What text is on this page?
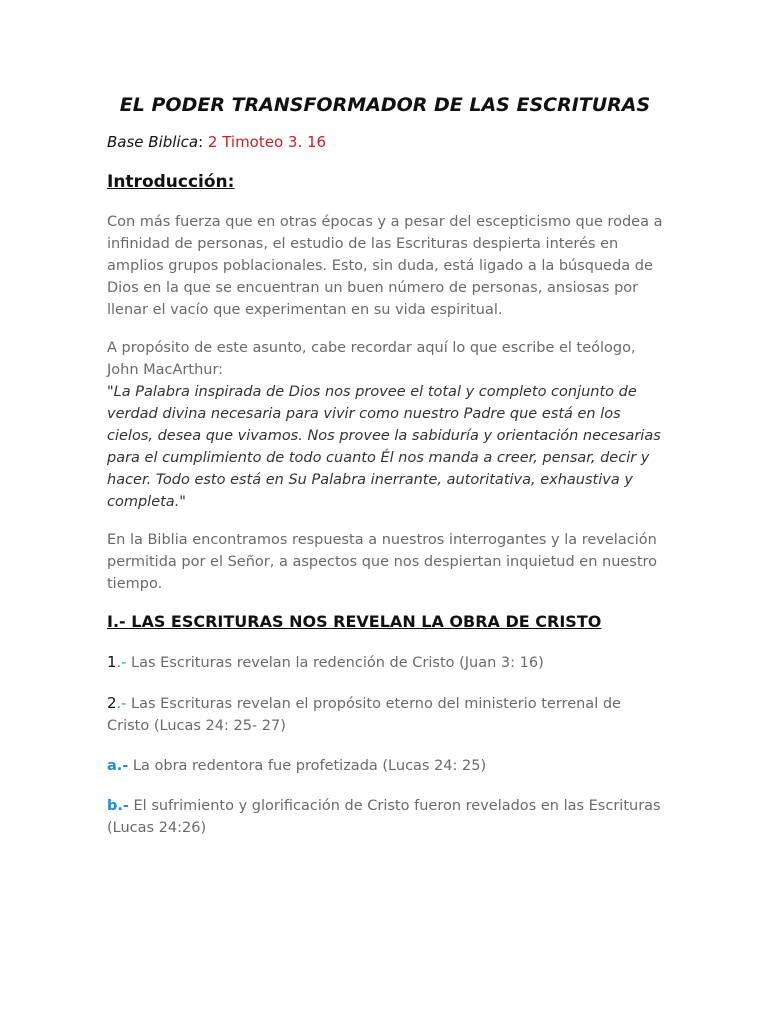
EL PODER TRANSFORMADOR DE LAS ESCRITURAS
Base Biblica: 2 Timoteo 3. 16
Introducción:

Con más fuerza que en otras épocas y a pesar del escepticismo que rodea a infinidad de personas, el estudio de las Escrituras despierta interés en amplios grupos poblacionales. Esto, sin duda, está ligado a la búsqueda de Dios en la que se encuentran un buen número de personas, ansiosas por llenar el vacío que experimentan en su vida espiritual.

A propósito de este asunto, cabe recordar aquí lo que escribe el teólogo, John MacArthur:
"La Palabra inspirada de Dios nos provee el total y completo conjunto de verdad divina necesaria para vivir como nuestro Padre que está en los cielos, desea que vivamos. Nos provee la sabiduría y orientación necesarias para el cumplimiento de todo cuanto Él nos manda a creer, pensar, decir y hacer. Todo esto está en Su Palabra inerrante, autoritativa, exhaustiva y completa."

En la Biblia encontramos respuesta a nuestros interrogantes y la revelación permitida por el Señor, a aspectos que nos despiertan inquietud en nuestro tiempo.

I.- LAS ESCRITURAS NOS REVELAN LA OBRA DE CRISTO

1.- Las Escrituras revelan la redención de Cristo (Juan 3: 16)

2.- Las Escrituras revelan el propósito eterno del ministerio terrenal de Cristo (Lucas 24: 25- 27)

a.- La obra redentora fue profetizada (Lucas 24: 25)

b.- El sufrimiento y glorificación de Cristo fueron revelados en las Escrituras (Lucas 24:26)
